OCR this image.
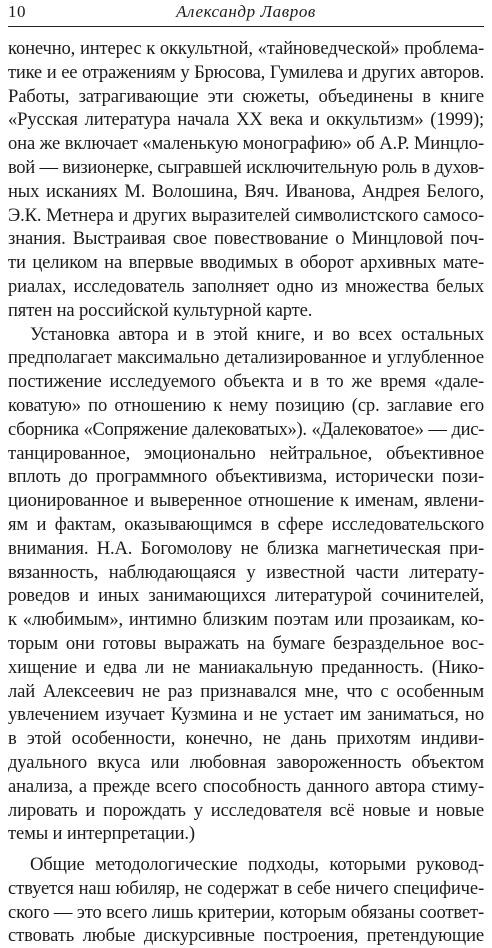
10	Александр Лавров
конечно, интерес к оккультной, «тайноведческой» проблема-
тике и ее отражениям у Брюсова, Гумилева и других авторов.
Работы, затрагивающие эти сюжеты, объединены в книге
«Русская литература начала XX века и оккультизм» (1999);
она же включает «маленькую монографию» об А.Р. Минцло-
вой — визионерке, сыгравшей исключительную роль в духов-
ных исканиях М. Волошина, Вяч. Иванова, Андрея Белого,
Э.К. Метнера и других выразителей символистского самосо-
знания. Выстраивая свое повествование о Минцловой поч-
ти целиком на впервые вводимых в оборот архивных матe-
риалах, исследователь заполняет одно из множества белых
пятен на российской культурной карте.
Установка автора и в этой книге, и во всех остальных
предполагает максимально детализированное и углубленное
постижение исследуемого объекта и в то же время «дале-
коватую» по отношению к нему позицию (ср. заглавие его
сборника «Сопряжение далековатых»). «Далековатое» — дис-
танцированное, эмоционально нейтральное, объективное
вплоть до программного объективизма, исторически пози-
ционированное и выверенное отношение к именам, явлени-
ям и фактам, оказывающимся в сфере исследовательского
внимания. Н.А. Богомолову не близка магнетическая при-
вязанность, наблюдающаяся у известной части литерату-
роведов и иных занимающихся литературой сочинителей,
к «любимым», интимно близким поэтам или прозаикам, ко-
торым они готовы выражать на бумаге безраздельное вос-
хищение и едва ли не маниакальную преданность. (Нико-
лай Алексеевич не раз признавался мне, что с особенным
увлечением изучает Кузмина и не устает им заниматься, но
в этой особенности, конечно, не дань прихотям индиви-
дуального вкуса или любовная завороженность объектом
анализа, а прежде всего способность данного автора стиму-
лировать и порождать у исследователя всё новые и новые
темы и интерпретации.)
Общие методологические подходы, которыми руковод-
ствуется наш юбиляр, не содержат в себе ничего специфиче-
ского — это всего лишь критерии, которым обязаны соответ-
ствовать любые дискурсивные построения, претендующие
